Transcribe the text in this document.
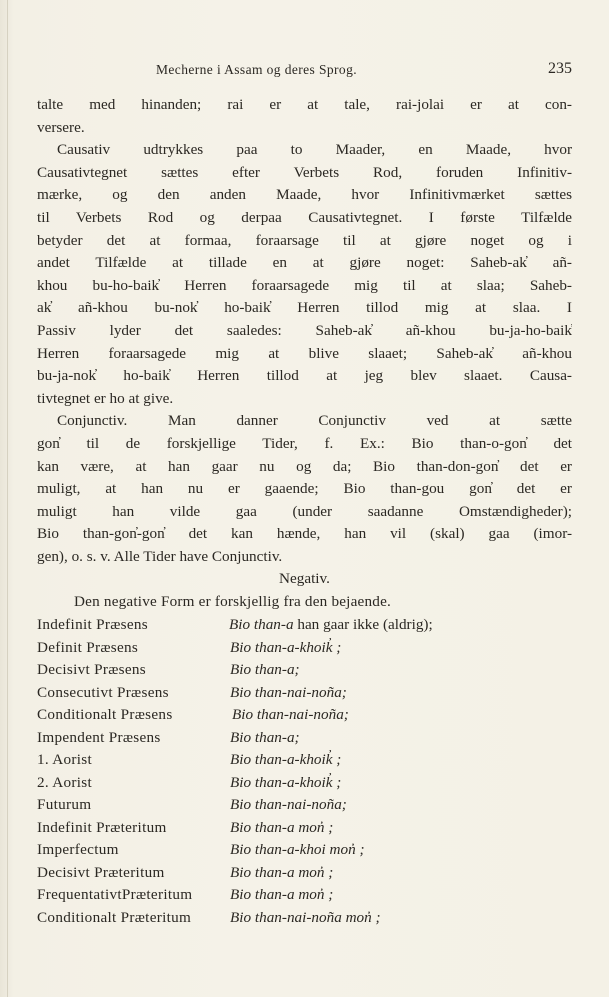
Mecherne i Assam og deres Sprog.	235
talte med hinanden; rai er at tale, rai-jolai er at con-
versere.
Causativ udtrykkes paa to Maader, en Maade, hvor
Causativtegnet sættes efter Verbets Rod, foruden Infinitiv-
mærke, og den anden Maade, hvor Infinitivmærket sættes
til Verbets Rod og derpaa Causativtegnet. I første Tilfælde
betyder det at formaa, foraarsage til at gjøre noget og i
andet Tilfælde at tillade en at gjøre noget: Saheb-ak̓ añ-
khou bu-ho-baik̓ Herren foraarsagede mig til at slaa; Saheb-
ak̓ añ-khou bu-nok̓ ho-baik̓ Herren tillod mig at slaa. I
Passiv lyder det saaledes: Saheb-ak̓ añ-khou bu-ja-ho-baik̓
Herren foraarsagede mig at blive slaaet; Saheb-ak̓ añ-khou
bu-ja-nok̓ ho-baik̓ Herren tillod at jeg blev slaaet. Causa-
tivtegnet er ho at give.
Conjunctiv. Man danner Conjunctiv ved at sætte
gon̓ til de forskjellige Tider, f. Ex.: Bio than-o-gon̓ det
kan være, at han gaar nu og da; Bio than-don-gon̓ det er
muligt, at han nu er gaaende; Bio than-gou gon̓ det er
muligt han vilde gaa (under saadanne Omstændigheder);
Bio than-gon̓-gon̓ det kan hænde, han vil (skal) gaa (imor-
gen), o. s. v. Alle Tider have Conjunctiv.
Negativ.
Den negative Form er forskjellig fra den bejaende.
Indefinit Præsens	Bio than-a han gaar ikke (aldrig);
Definit Præsens	Bio than-a-khoik̓ ;
Decisivt Præsens	Bio than-a;
Consecutivt Præsens	Bio than-nai-noña;
Conditionalt Præsens	Bio than-nai-noña;
Impendent Præsens	Bio than-a;
1. Aorist	Bio than-a-khoik̓ ;
2. Aorist	Bio than-a-khoik̓ ;
Futurum	Bio than-nai-noña;
Indefinit Præteritum	Bio than-a mon̓ ;
Imperfectum	Bio than-a-khoi mon̓ ;
Decisivt Præteritum	Bio than-a mon̓ ;
FrequentativtPræteritum Bio than-a mon̓ ;
Conditionalt Præteritum	Bio than-nai-noña mon̓ ;
